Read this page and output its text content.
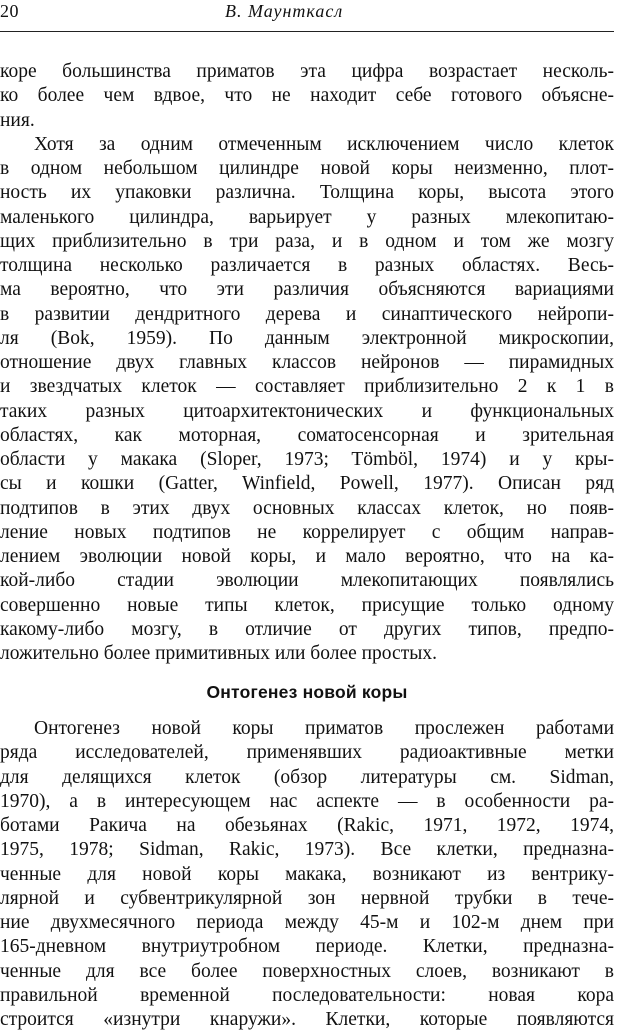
20	В. Маунткасл
коре большинства приматов эта цифра возрастает несколь-
ко более чем вдвое, что не находит себе готового объясне-
ния.
Хотя за одним отмеченным исключением число клеток
в одном небольшом цилиндре новой коры неизменно, плот-
ность их упаковки различна. Толщина коры, высота этого
маленького цилиндра, варьирует у разных млекопитаю-
щих приблизительно в три раза, и в одном и том же мозгу
толщина несколько различается в разных областях. Весь-
ма вероятно, что эти различия объясняются вариациями
в развитии дендритного дерева и синаптического нейропи-
ля (Bok, 1959). По данным электронной микроскопии,
отношение двух главных классов нейронов — пирамидных
и звездчатых клеток — составляет приблизительно 2 к 1 в
таких разных цитоархитектонических и функциональных
областях, как моторная, соматосенсорная и зрительная
области у макака (Sloper, 1973; Tömböl, 1974) и у кры-
сы и кошки (Gatter, Winfield, Powell, 1977). Описан ряд
подтипов в этих двух основных классах клеток, но появ-
ление новых подтипов не коррелирует с общим направ-
лением эволюции новой коры, и мало вероятно, что на ка-
кой-либо стадии эволюции млекопитающих появлялись
совершенно новые типы клеток, присущие только одному
какому-либо мозгу, в отличие от других типов, предпо-
ложительно более примитивных или более простых.
Онтогенез новой коры
Онтогенез новой коры приматов прослежен работами
ряда исследователей, применявших радиоактивные метки
для делящихся клеток (обзор литературы см. Sidman,
1970), а в интересующем нас аспекте — в особенности ра-
ботами Ракича на обезьянах (Rakic, 1971, 1972, 1974,
1975, 1978; Sidman, Rakic, 1973). Все клетки, предназна-
ченные для новой коры макака, возникают из вентрику-
лярной и субвентрикулярной зон нервной трубки в тече-
ние двухмесячного периода между 45-м и 102-м днем при
165-дневном внутриутробном периоде. Клетки, предназна-
ченные для все более поверхностных слоев, возникают в
правильной временной последовательности: новая кора
строится «изнутри кнаружи». Клетки, которые появляются
